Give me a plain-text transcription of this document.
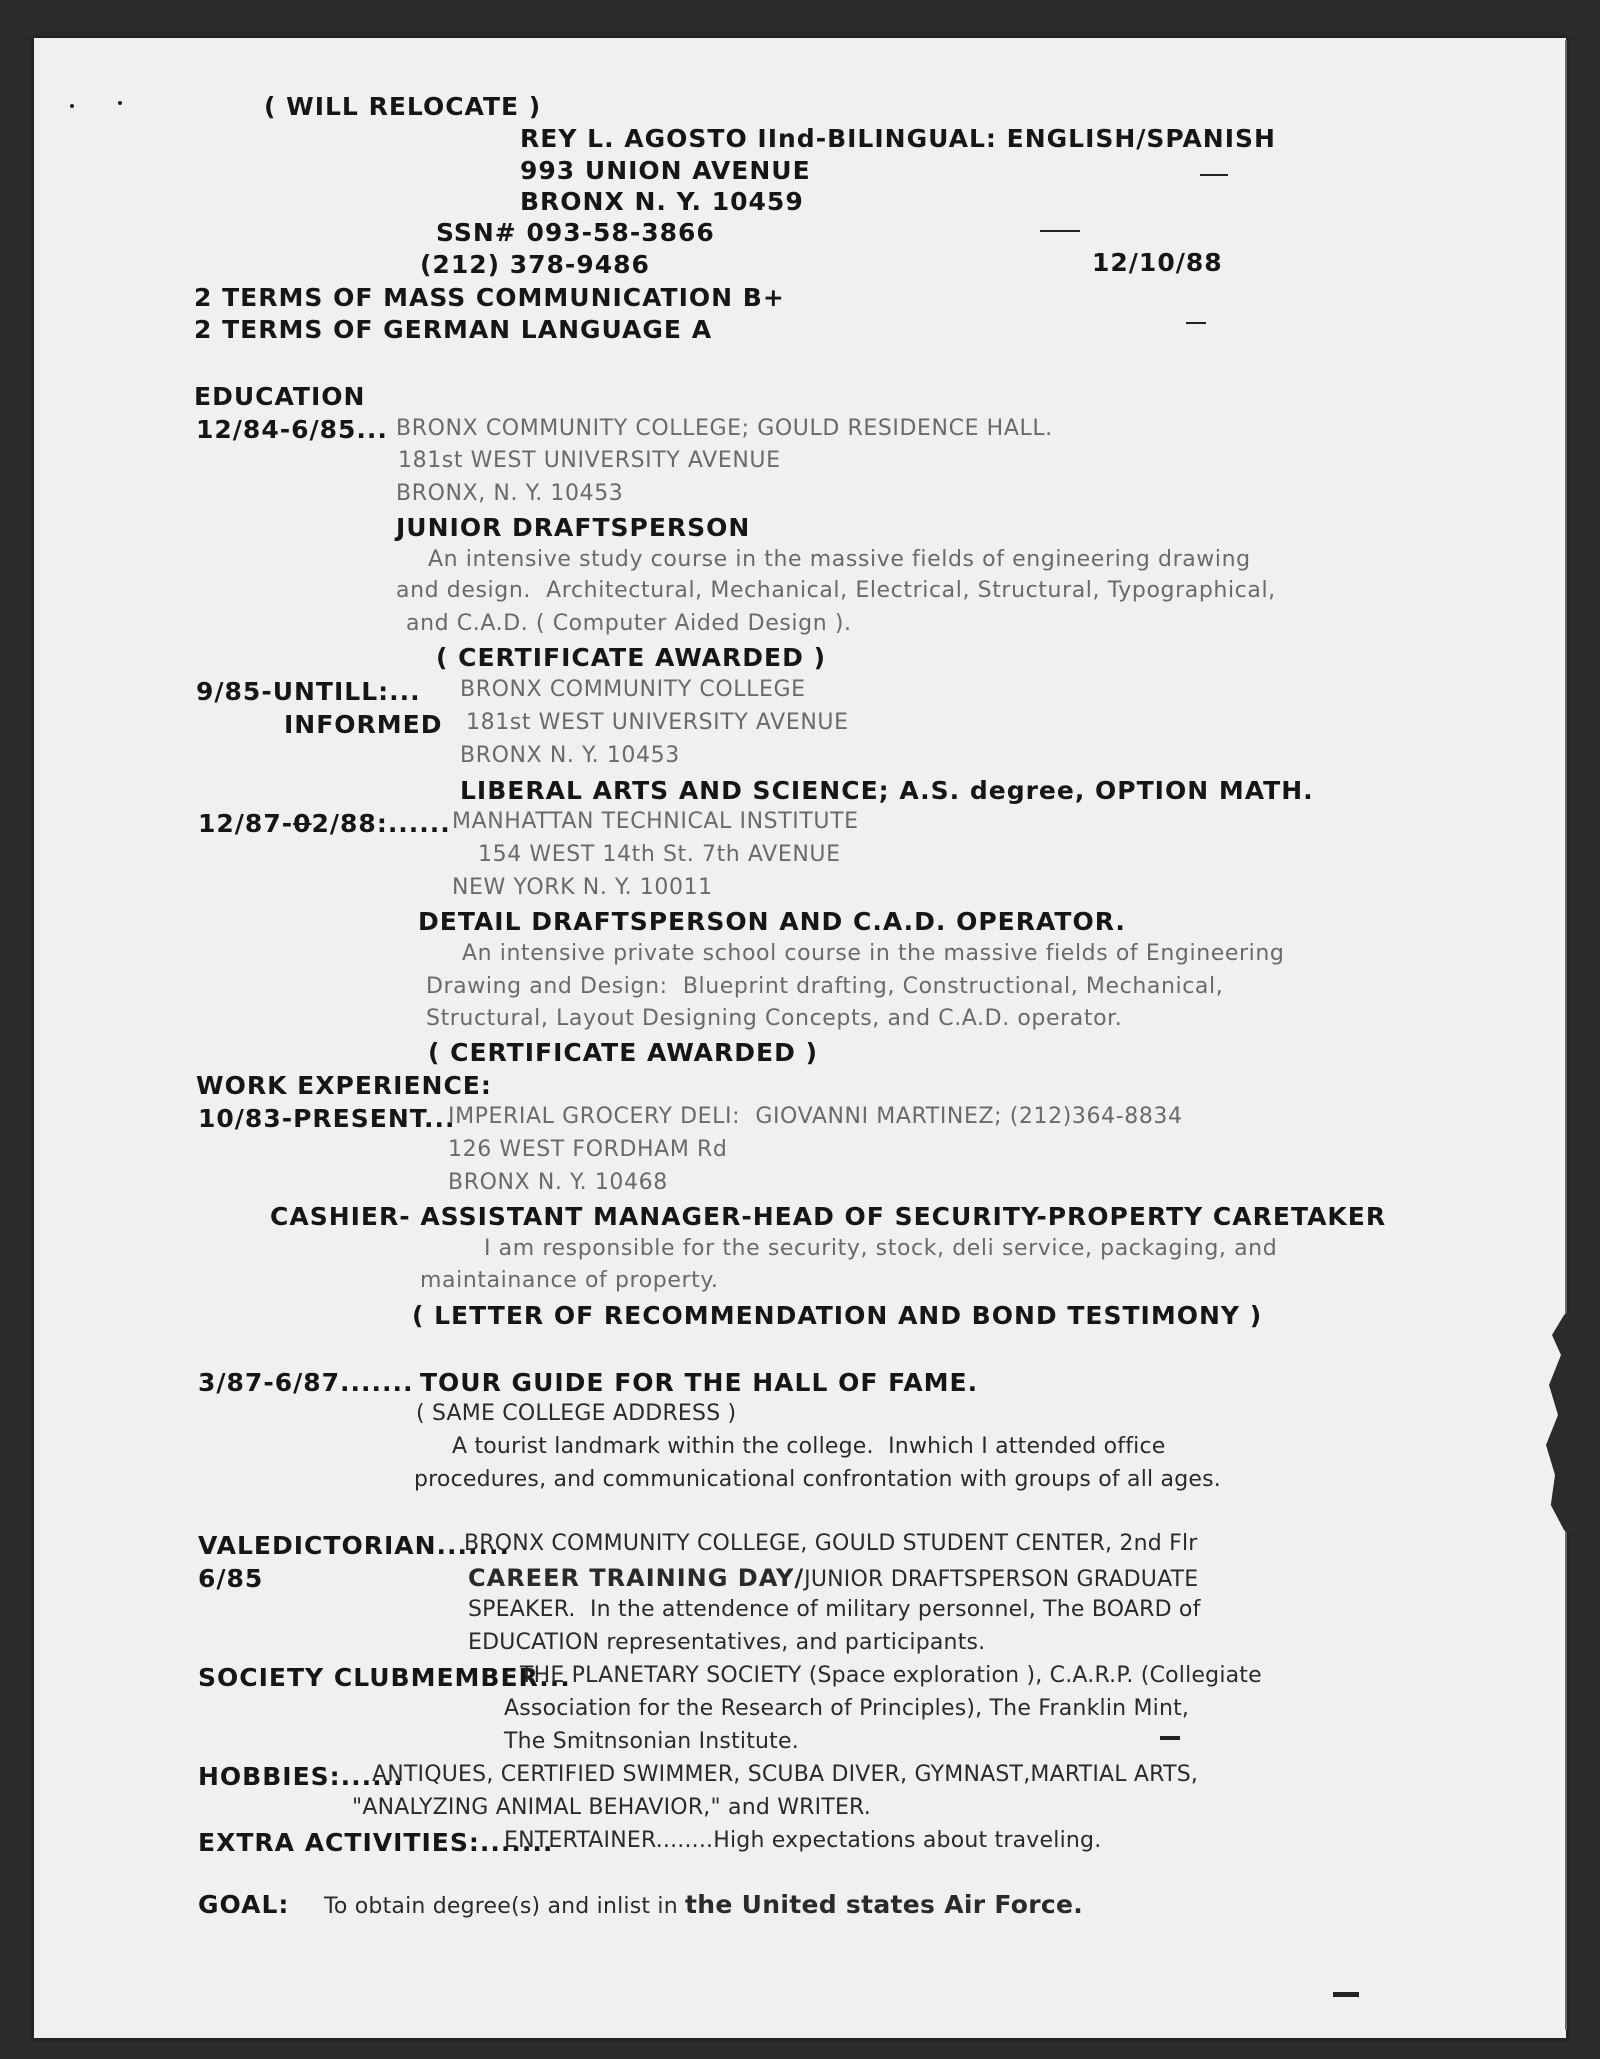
( WILL RELOCATE )
REY L. AGOSTO IInd-BILINGUAL: ENGLISH/SPANISH
993 UNION AVENUE
BRONX N. Y. 10459
SSN# 093-58-3866
(212) 378-9486	12/10/88
2 TERMS OF MASS COMMUNICATION B+
2 TERMS OF GERMAN LANGUAGE A
EDUCATION
12/84-6/85... BRONX COMMUNITY COLLEGE; GOULD RESIDENCE HALL.
181st WEST UNIVERSITY AVENUE
BRONX, N. Y. 10453
JUNIOR DRAFTSPERSON
An intensive study course in the massive fields of engineering drawing
and design.  Architectural, Mechanical, Electrical, Structural, Typographical,
and C.A.D. ( Computer Aided Design ).
( CERTIFICATE AWARDED )
9/85-UNTILL:...
INFORMED
BRONX COMMUNITY COLLEGE
181st WEST UNIVERSITY AVENUE
BRONX N. Y. 10453
LIBERAL ARTS AND SCIENCE; A.S. degree, OPTION MATH.
12/87-02/88:...... MANHATTAN TECHNICAL INSTITUTE
154 WEST 14th St. 7th AVENUE
NEW YORK N. Y. 10011
DETAIL DRAFTSPERSON AND C.A.D. OPERATOR.
An intensive private school course in the massive fields of Engineering
Drawing and Design:  Blueprint drafting, Constructional, Mechanical,
Structural, Layout Designing Concepts, and C.A.D. operator.
( CERTIFICATE AWARDED )
WORK EXPERIENCE:
10/83-PRESENT...
IMPERIAL GROCERY DELI:  GIOVANNI MARTINEZ; (212)364-8834
126 WEST FORDHAM Rd
BRONX N. Y. 10468
CASHIER- ASSISTANT MANAGER-HEAD OF SECURITY-PROPERTY CARETAKER
I am responsible for the security, stock, deli service, packaging, and
maintainance of property.
( LETTER OF RECOMMENDATION AND BOND TESTIMONY )
3/87-6/87....... TOUR GUIDE FOR THE HALL OF FAME.
( SAME COLLEGE ADDRESS )
A tourist landmark within the college.  Inwhich I attended office
procedures, and communicational confrontation with groups of all ages.
VALEDICTORIAN.......
BRONX COMMUNITY COLLEGE, GOULD STUDENT CENTER, 2nd Flr
6/85	CAREER TRAINING DAY/JUNIOR DRAFTSPERSON GRADUATE
SPEAKER.  In the attendence of military personnel, The BOARD of
EDUCATION representatives, and participants.
SOCIETY CLUBMEMBER...
THE PLANETARY SOCIETY (Space exploration ), C.A.R.P. (Collegiate
Association for the Research of Principles), The Franklin Mint,
The Smitnsonian Institute.
HOBBIES:......
ANTIQUES, CERTIFIED SWIMMER, SCUBA DIVER, GYMNAST,MARTIAL ARTS,
"ANALYZING ANIMAL BEHAVIOR," and WRITER.
EXTRA ACTIVITIES:.......
ENTERTAINER........High expectations about traveling.
GOAL: To obtain degree(s) and inlist in the United states Air Force.
